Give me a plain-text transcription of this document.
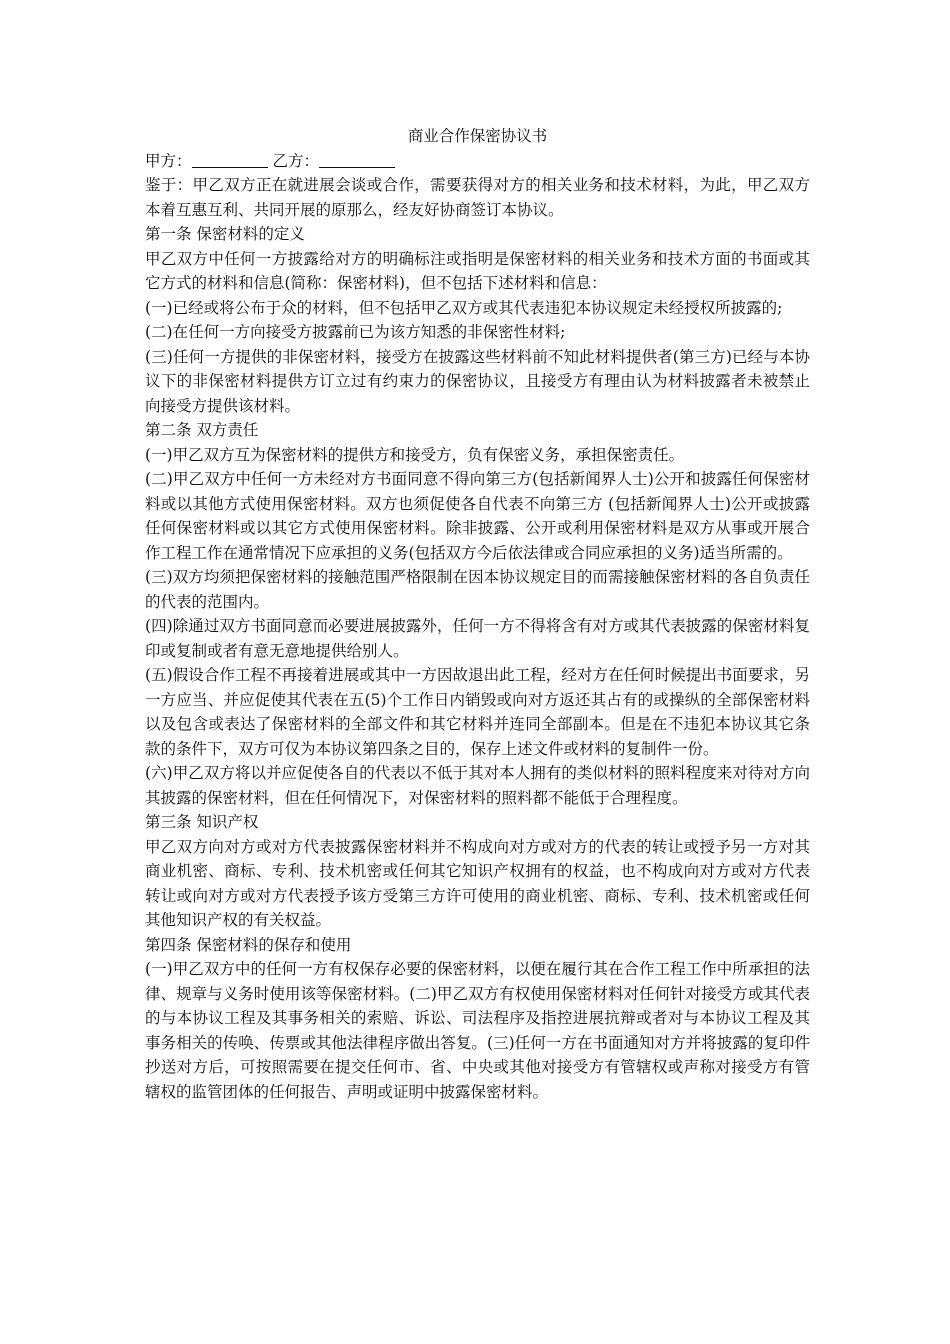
商业合作保密协议书

甲方：	乙方：

鉴于：甲乙双方正在就进展会谈或合作，需要获得对方的相关业务和技术材料，为此，甲乙双方本着互惠互利、共同开展的原那么，经友好协商签订本协议。

第一条 保密材料的定义

甲乙双方中任何一方披露给对方的明确标注或指明是保密材料的相关业务和技术方面的书面或其它方式的材料和信息(简称：保密材料)，但不包括下述材料和信息：

(一)已经或将公布于众的材料，但不包括甲乙双方或其代表违犯本协议规定未经授权所披露的;

(二)在任何一方向接受方披露前已为该方知悉的非保密性材料;

(三)任何一方提供的非保密材料，接受方在披露这些材料前不知此材料提供者(第三方)已经与本协议下的非保密材料提供方订立过有约束力的保密协议，且接受方有理由认为材料披露者未被禁止向接受方提供该材料。

第二条 双方责任

(一)甲乙双方互为保密材料的提供方和接受方，负有保密义务，承担保密责任。

(二)甲乙双方中任何一方未经对方书面同意不得向第三方(包括新闻界人士)公开和披露任何保密材料或以其他方式使用保密材料。双方也须促使各自代表不向第三方 (包括新闻界人士)公开或披露任何保密材料或以其它方式使用保密材料。除非披露、公开或利用保密材料是双方从事或开展合作工程工作在通常情况下应承担的义务(包括双方今后依法律或合同应承担的义务)适当所需的。

(三)双方均须把保密材料的接触范围严格限制在因本协议规定目的而需接触保密材料的各自负责任的代表的范围内。

(四)除通过双方书面同意而必要进展披露外，任何一方不得将含有对方或其代表披露的保密材料复印或复制或者有意无意地提供给别人。

(五)假设合作工程不再接着进展或其中一方因故退出此工程，经对方在任何时候提出书面要求，另一方应当、并应促使其代表在五(5)个工作日内销毁或向对方返还其占有的或操纵的全部保密材料以及包含或表达了保密材料的全部文件和其它材料并连同全部副本。但是在不违犯本协议其它条款的条件下，双方可仅为本协议第四条之目的，保存上述文件或材料的复制件一份。

(六)甲乙双方将以并应促使各自的代表以不低于其对本人拥有的类似材料的照料程度来对待对方向其披露的保密材料，但在任何情况下，对保密材料的照料都不能低于合理程度。

第三条 知识产权

甲乙双方向对方或对方代表披露保密材料并不构成向对方或对方的代表的转让或授予另一方对其商业机密、商标、专利、技术机密或任何其它知识产权拥有的权益，也不构成向对方或对方代表转让或向对方或对方代表授予该方受第三方许可使用的商业机密、商标、专利、技术机密或任何其他知识产权的有关权益。

第四条 保密材料的保存和使用

(一)甲乙双方中的任何一方有权保存必要的保密材料，以便在履行其在合作工程工作中所承担的法律、规章与义务时使用该等保密材料。(二)甲乙双方有权使用保密材料对任何针对接受方或其代表的与本协议工程及其事务相关的索赔、诉讼、司法程序及指控进展抗辩或者对与本协议工程及其事务相关的传唤、传票或其他法律程序做出答复。(三)任何一方在书面通知对方并将披露的复印件抄送对方后，可按照需要在提交任何市、省、中央或其他对接受方有管辖权或声称对接受方有管辖权的监管团体的任何报告、声明或证明中披露保密材料。
